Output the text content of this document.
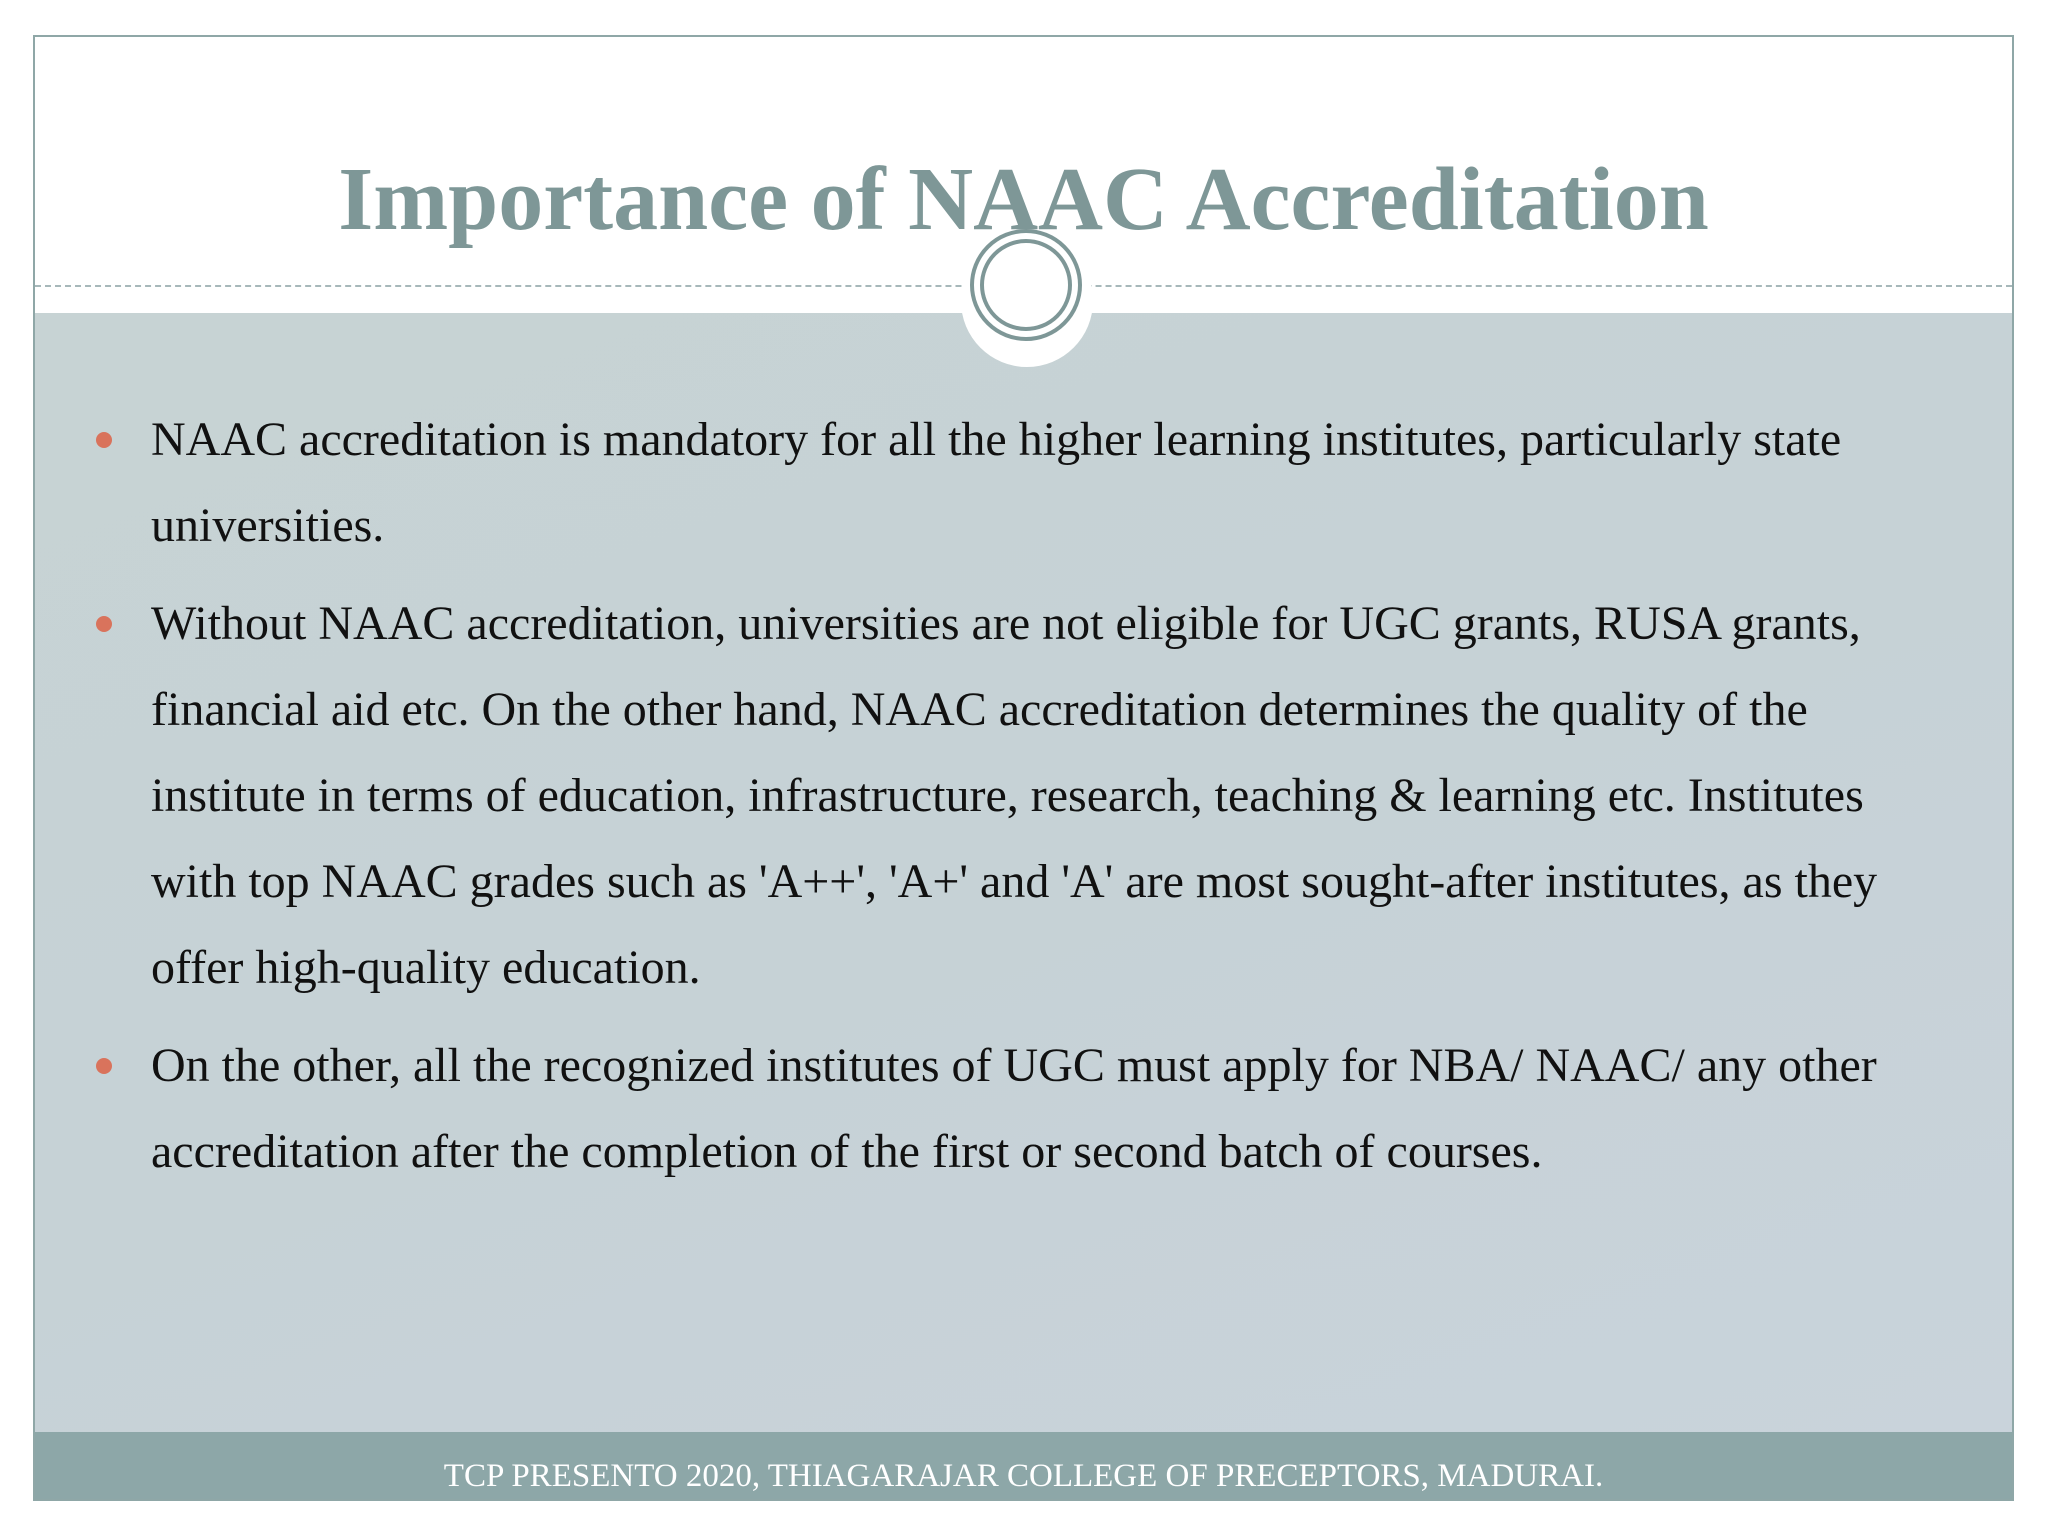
Importance of NAAC Accreditation
NAAC accreditation is mandatory for all the higher learning institutes, particularly state universities.
Without NAAC accreditation, universities are not eligible for UGC grants, RUSA grants, financial aid etc. On the other hand, NAAC accreditation determines the quality of the institute in terms of education, infrastructure, research, teaching & learning etc. Institutes with top NAAC grades such as 'A++', 'A+' and 'A' are most sought-after institutes, as they offer high-quality education.
On the other, all the recognized institutes of UGC must apply for NBA/ NAAC/ any other accreditation after the completion of the first or second batch of courses.
TCP PRESENTO 2020, THIAGARAJAR COLLEGE OF PRECEPTORS, MADURAI.
